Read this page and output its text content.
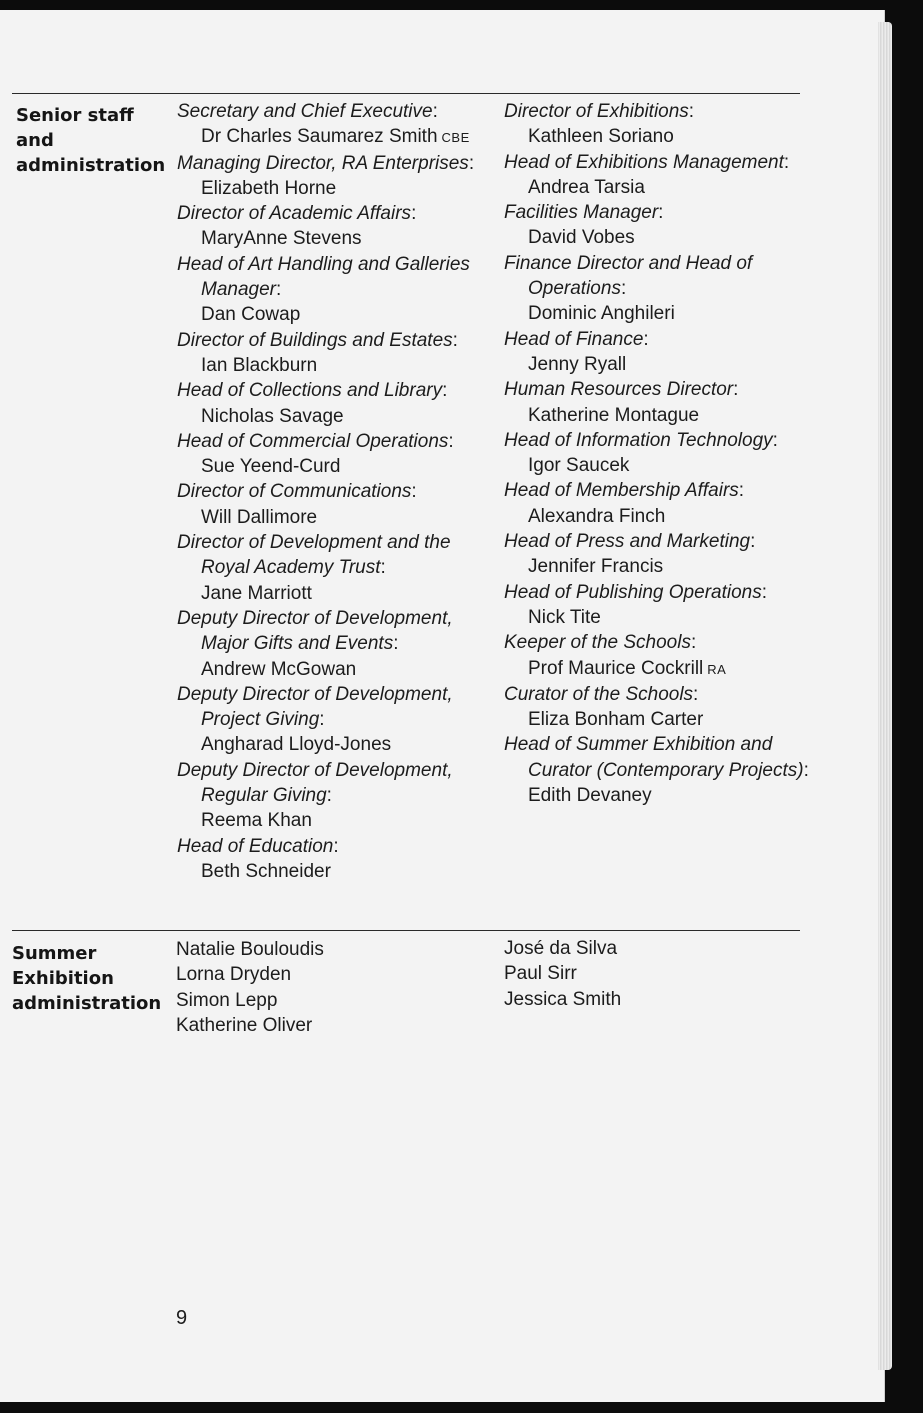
Senior staff
and
administration
Secretary and Chief Executive:
Dr Charles Saumarez Smith CBE
Managing Director, RA Enterprises: Elizabeth Horne
Director of Academic Affairs:
MaryAnne Stevens
Head of Art Handling and Galleries Manager:
Dan Cowap
Director of Buildings and Estates:
Ian Blackburn
Head of Collections and Library:
Nicholas Savage
Head of Commercial Operations:
Sue Yeend-Curd
Director of Communications:
Will Dallimore
Director of Development and the Royal Academy Trust:
Jane Marriott
Deputy Director of Development, Major Gifts and Events:
Andrew McGowan
Deputy Director of Development, Project Giving:
Angharad Lloyd-Jones
Deputy Director of Development, Regular Giving:
Reema Khan
Head of Education:
Beth Schneider
Director of Exhibitions:
Kathleen Soriano
Head of Exhibitions Management:
Andrea Tarsia
Facilities Manager:
David Vobes
Finance Director and Head of Operations:
Dominic Anghileri
Head of Finance:
Jenny Ryall
Human Resources Director:
Katherine Montague
Head of Information Technology:
Igor Saucek
Head of Membership Affairs:
Alexandra Finch
Head of Press and Marketing:
Jennifer Francis
Head of Publishing Operations:
Nick Tite
Keeper of the Schools:
Prof Maurice Cockrill RA
Curator of the Schools:
Eliza Bonham Carter
Head of Summer Exhibition and Curator (Contemporary Projects): Edith Devaney
Summer
Exhibition
administration
Natalie Bouloudis
Lorna Dryden
Simon Lepp
Katherine Oliver
José da Silva
Paul Sirr
Jessica Smith
9
